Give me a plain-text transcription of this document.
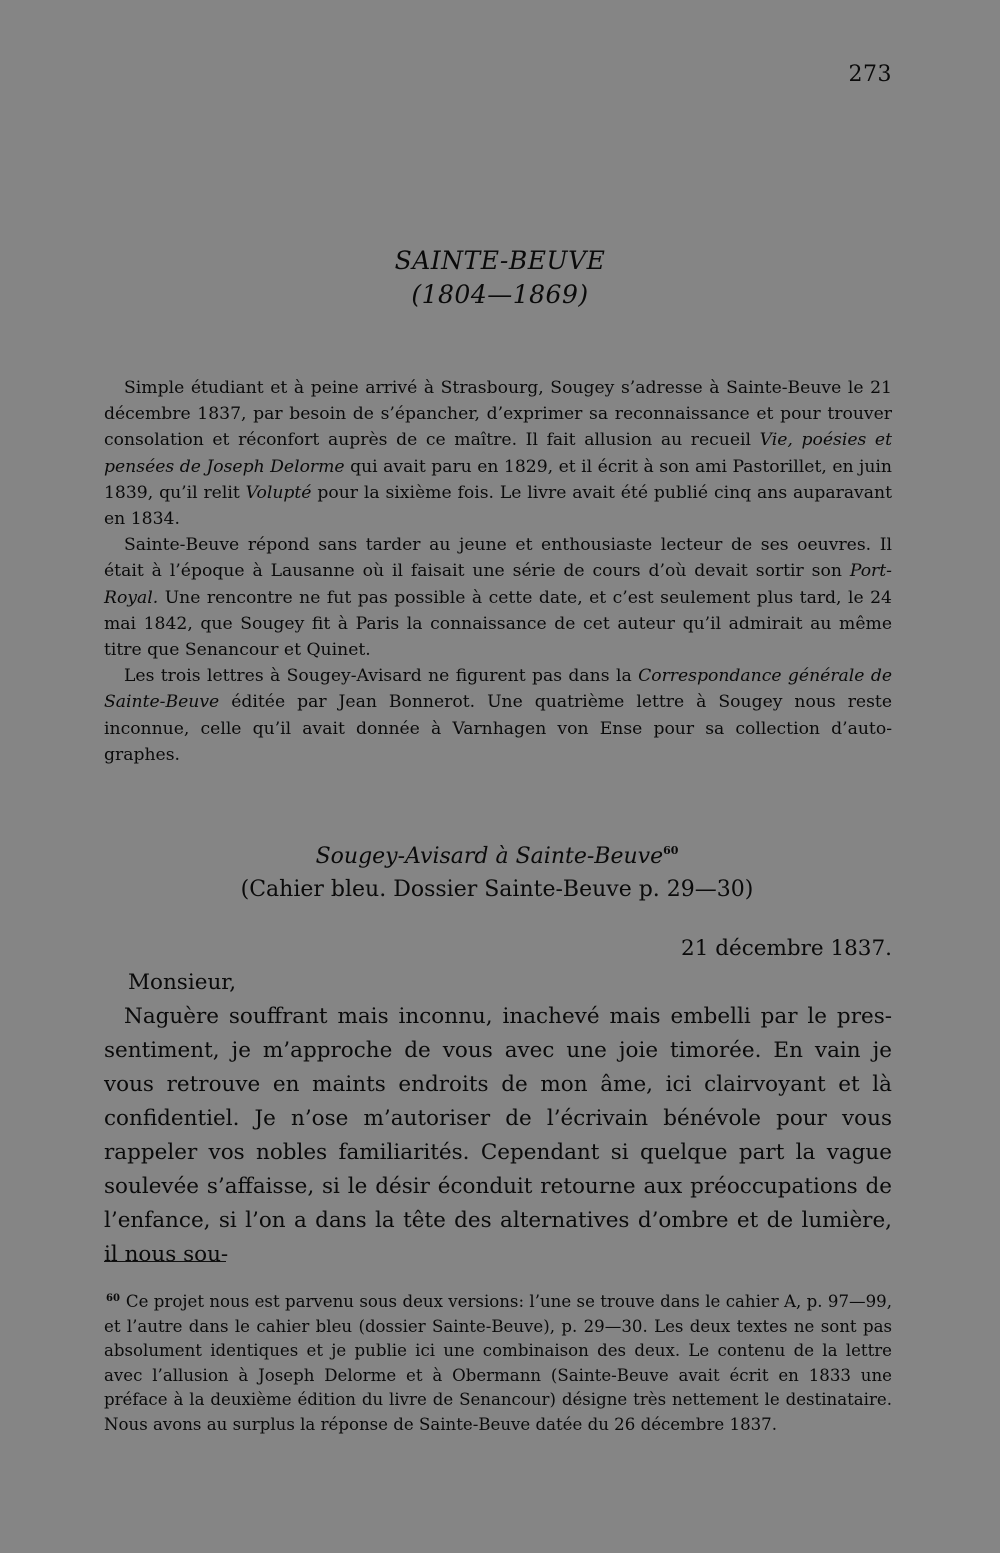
273
SAINTE-BEUVE
(1804—1869)

Simple étudiant et à peine arrivé à Strasbourg, Sougey s’adresse à Sainte-Beuve le 21 décembre 1837, par besoin de s’épancher, d’exprimer sa reconnaissance et pour trouver consolation et réconfort auprès de ce maître. Il fait allusion au recueil Vie, poésies et pensées de Joseph Delorme qui avait paru en 1829, et il écrit à son ami Pastorillet, en juin 1839, qu’il relit Volupté pour la sixième fois. Le livre avait été publié cinq ans auparavant en 1834.

Sainte-Beuve répond sans tarder au jeune et enthousiaste lecteur de ses oeuvres. Il était à l’époque à Lausanne où il faisait une série de cours d’où devait sortir son Port-Royal. Une rencontre ne fut pas possible à cette date, et c’est seulement plus tard, le 24 mai 1842, que Sougey fit à Paris la connaissance de cet auteur qu’il admirait au même titre que Senancour et Quinet.

Les trois lettres à Sougey-Avisard ne figurent pas dans la Correspondance générale de Sainte-Beuve éditée par Jean Bonnerot. Une quatrième lettre à Sougey nous reste inconnue, celle qu’il avait donnée à Varnhagen von Ense pour sa collection d’autographes.

Sougey-Avisard à Sainte-Beuve$^{60}$
(Cahier bleu. Dossier Sainte-Beuve p. 29—30)

21 décembre 1837.

Monsieur,

Naguère souffrant mais inconnu, inachevé mais embelli par le pressentiment, je m’approche de vous avec une joie timorée. En vain je vous retrouve en maints endroits de mon âme, ici clairvoyant et là confidentiel. Je n’ose m’autoriser de l’écrivain bénévole pour vous rappeler vos nobles familiarités. Cependant si quelque part la vague soulevée s’affaisse, si le désir éconduit retourne aux préoccupations de l’enfance, si l’on a dans la tête des alternatives d’ombre et de lumière, il nous sou-

$^{60}$ Ce projet nous est parvenu sous deux versions: l’une se trouve dans le cahier A, p. 97—99, et l’autre dans le cahier bleu (dossier Sainte-Beuve), p. 29—30. Les deux textes ne sont pas absolument identiques et je publie ici une combinaison des deux. Le contenu de la lettre avec l’allusion à Joseph Delorme et à Obermann (Sainte-Beuve avait écrit en 1833 une préface à la deuxième édition du livre de Senancour) désigne très nettement le destinataire. Nous avons au surplus la réponse de Sainte-Beuve datée du 26 décembre 1837.
